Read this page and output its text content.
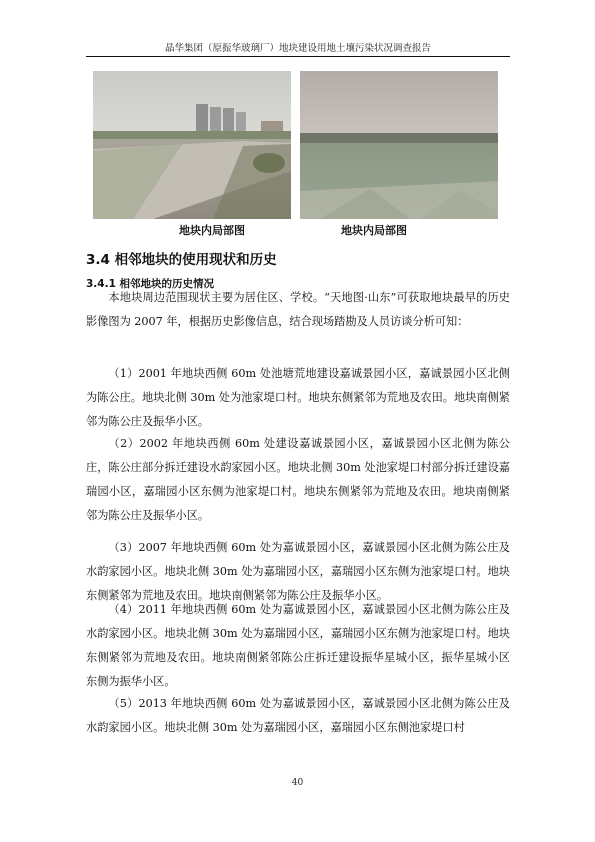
晶华集团（原振华玻璃厂）地块建设用地土壤污染状况调查报告
地块内局部图	地块内局部图
3.4 相邻地块的使用现状和历史
3.4.1 相邻地块的历史情况

本地块周边范围现状主要为居住区、学校。“天地图·山东”可获取地块最早的历史影像图为 2007 年，根据历史影像信息，结合现场踏勘及人员访谈分析可知：

（1）2001 年地块西侧 60m 处池塘荒地建设嘉诚景园小区，嘉诚景园小区北侧为陈公庄。地块北侧 30m 处为池家堤口村。地块东侧紧邻为荒地及农田。地块南侧紧邻为陈公庄及振华小区。

（2）2002 年地块西侧 60m 处建设嘉诚景园小区，嘉诚景园小区北侧为陈公庄，陈公庄部分拆迁建设水韵家园小区。地块北侧 30m 处池家堤口村部分拆迁建设嘉瑞园小区，嘉瑞园小区东侧为池家堤口村。地块东侧紧邻为荒地及农田。地块南侧紧邻为陈公庄及振华小区。

（3）2007 年地块西侧 60m 处为嘉诚景园小区，嘉诚景园小区北侧为陈公庄及水韵家园小区。地块北侧 30m 处为嘉瑞园小区，嘉瑞园小区东侧为池家堤口村。地块东侧紧邻为荒地及农田。地块南侧紧邻为陈公庄及振华小区。

（4）2011 年地块西侧 60m 处为嘉诚景园小区，嘉诚景园小区北侧为陈公庄及水韵家园小区。地块北侧 30m 处为嘉瑞园小区，嘉瑞园小区东侧为池家堤口村。地块东侧紧邻为荒地及农田。地块南侧紧邻陈公庄拆迁建设振华星城小区，振华星城小区东侧为振华小区。

（5）2013 年地块西侧 60m 处为嘉诚景园小区，嘉诚景园小区北侧为陈公庄及水韵家园小区。地块北侧 30m 处为嘉瑞园小区，嘉瑞园小区东侧池家堤口村

40
